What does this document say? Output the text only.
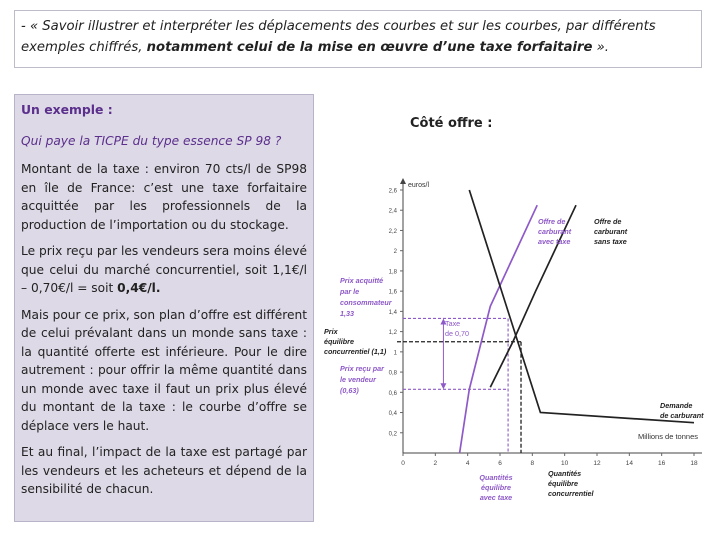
- « Savoir illustrer et interpréter les déplacements des courbes et sur les courbes, par différents exemples chiffrés, notamment celui de la mise en œuvre d’une taxe forfaitaire ».
Un exemple :
Qui paye la TICPE du type essence SP 98 ?

Montant de la taxe : environ 70 cts/l de SP98 en île de France: c’est une taxe forfaitaire acquittée par les professionnels de la production de l’importation ou du stockage.

Le prix reçu par les vendeurs sera moins élevé que celui du marché concurrentiel, soit 1,1€/l – 0,70€/l = soit 0,4€/l.

Mais pour ce prix, son plan d’offre est différent de celui prévalant dans un monde sans taxe : la quantité offerte est inférieure. Pour le dire autrement : pour offrir la même quantité dans un monde avec taxe il faut un prix plus élevé du montant de la taxe : le courbe d’offre se déplace vers le haut.

Et au final, l’impact de la taxe est partagé par les vendeurs et les acheteurs et dépend de la sensibilité de chacun.

Côté offre :
0,2
0,4
0,6
0,8
1
1,2
1,4
1,6
1,8
2
2,2
2,4
2,6
0	2	4	6	8	10	12	14	16	18
euros/l
Millions de tonnes
Offre de carburant avec taxe
Offre de carburant sans taxe
Demande de carburant
Prix acquitté par le consommateur 1,33
Prix équilibre concurrentiel (1,1)
Prix reçu par le vendeur (0,63)
Taxe de 0,70
Quantités équilibre avec taxe
Quantités équilibre concurrentiel
